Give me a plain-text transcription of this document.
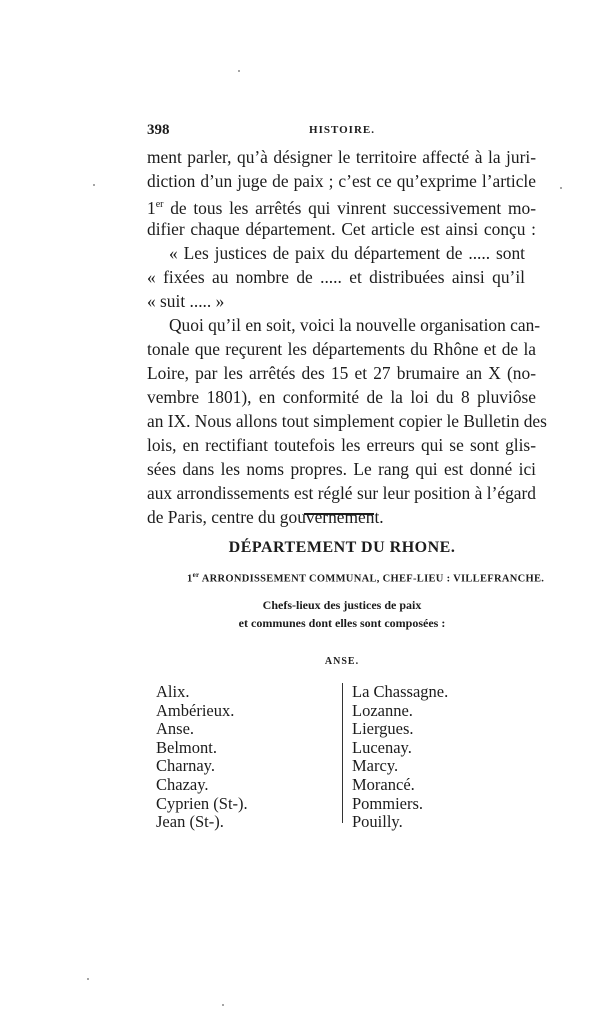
398	HISTOIRE.
ment parler, qu’à désigner le territoire affecté à la juri-
diction d’un juge de paix ; c’est ce qu’exprime l’article
1er de tous les arrêtés qui vinrent successivement mo-
difier chaque département. Cet article est ainsi conçu :
« Les justices de paix du département de ..... sont
« fixées au nombre de ..... et distribuées ainsi qu’il
« suit ..... »
Quoi qu’il en soit, voici la nouvelle organisation can-
tonale que reçurent les départements du Rhône et de la
Loire, par les arrêtés des 15 et 27 brumaire an X (no-
vembre 1801), en conformité de la loi du 8 pluviôse
an IX. Nous allons tout simplement copier le Bulletin des
lois, en rectifiant toutefois les erreurs qui se sont glis-
sées dans les noms propres. Le rang qui est donné ici
aux arrondissements est réglé sur leur position à l’égard
de Paris, centre du gouvernement.
DÉPARTEMENT DU RHONE.
1er ARRONDISSEMENT COMMUNAL, CHEF-LIEU : VILLEFRANCHE.
Chefs-lieux des justices de paix
et communes dont elles sont composées :
ANSE.
Alix.
Ambérieux.
Anse.
Belmont.
Charnay.
Chazay.
Cyprien (St-).
Jean (St-).
La Chassagne.
Lozanne.
Liergues.
Lucenay.
Marcy.
Morancé.
Pommiers.
Pouilly.
